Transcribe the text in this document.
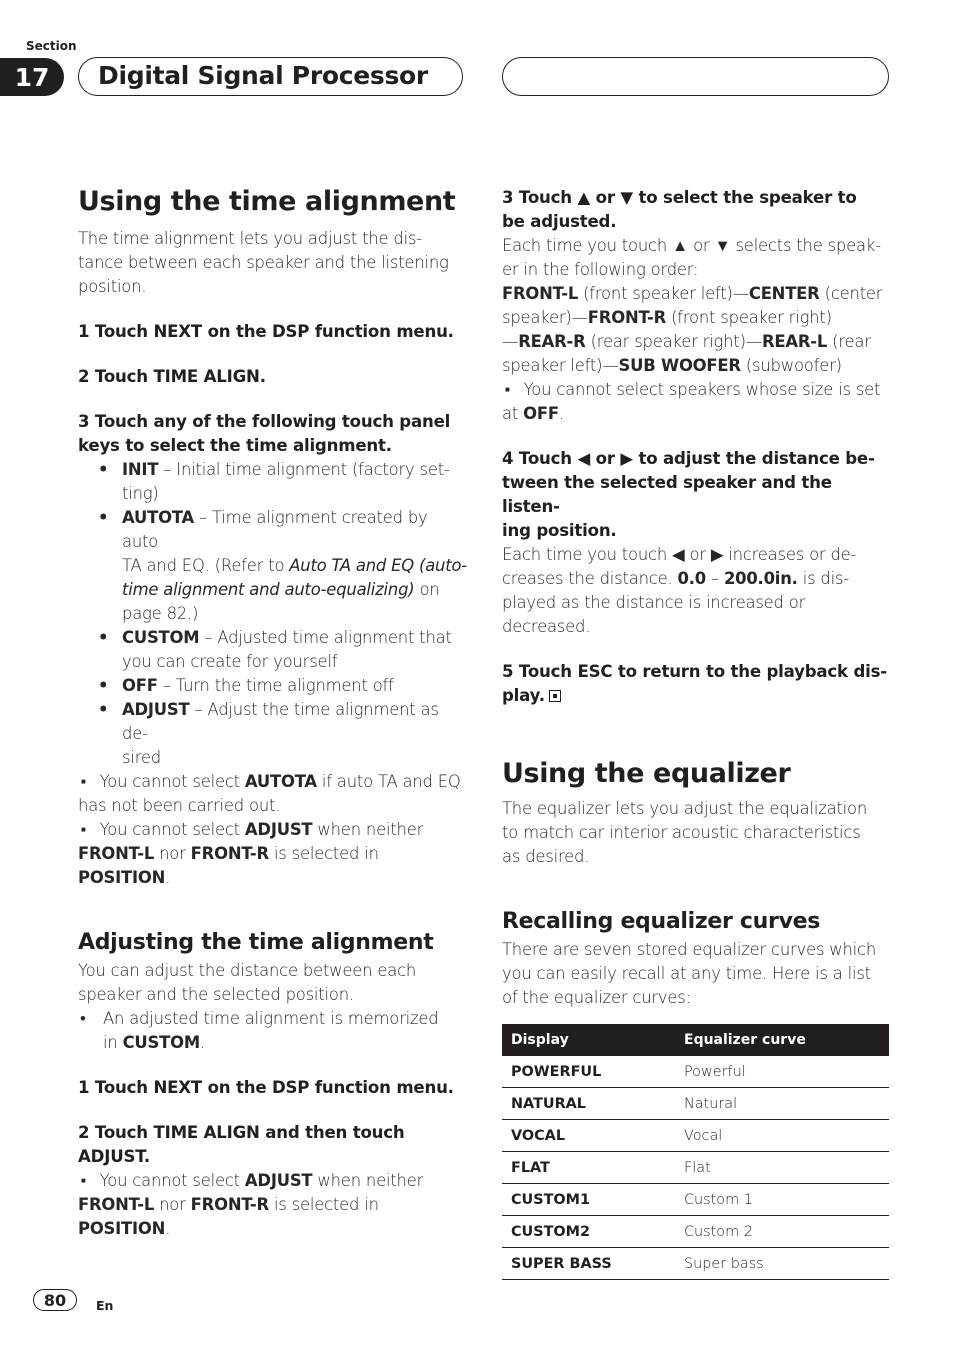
Section
17	Digital Signal Processor
Using the time alignment

The time alignment lets you adjust the dis-
tance between each speaker and the listening
position.

1 Touch NEXT on the DSP function menu.

2 Touch TIME ALIGN.

3 Touch any of the following touch panel
keys to select the time alignment.

• INIT – Initial time alignment (factory set-
ting)

• AUTOTA – Time alignment created by auto
TA and EQ. (Refer to Auto TA and EQ (auto-
time alignment and auto-equalizing) on
page 82.)

• CUSTOM – Adjusted time alignment that
you can create for yourself

• OFF – Turn the time alignment off

• ADJUST – Adjust the time alignment as de-
sired

■ You cannot select AUTOTA if auto TA and EQ
has not been carried out.

■ You cannot select ADJUST when neither
FRONT-L nor FRONT-R is selected in POSITION.

Adjusting the time alignment

You can adjust the distance between each
speaker and the selected position.

• An adjusted time alignment is memorized
in CUSTOM.

1 Touch NEXT on the DSP function menu.

2 Touch TIME ALIGN and then touch
ADJUST.

■ You cannot select ADJUST when neither
FRONT-L nor FRONT-R is selected in POSITION.

3 Touch ▲ or ▼ to select the speaker to
be adjusted.

Each time you touch ▲ or ▼ selects the speak-
er in the following order:

FRONT-L (front speaker left)—CENTER (center
speaker)—FRONT-R (front speaker right)
—REAR-R (rear speaker right)—REAR-L (rear
speaker left)—SUB WOOFER (subwoofer)

■ You cannot select speakers whose size is set
at OFF.

4 Touch ◀ or ▶ to adjust the distance be-
tween the selected speaker and the listen-
ing position.

Each time you touch ◀ or ▶ increases or de-
creases the distance. 0.0 – 200.0in. is dis-
played as the distance is increased or
decreased.

5 Touch ESC to return to the playback dis-
play.

Using the equalizer

The equalizer lets you adjust the equalization
to match car interior acoustic characteristics
as desired.

Recalling equalizer curves

There are seven stored equalizer curves which
you can easily recall at any time. Here is a list
of the equalizer curves:

Display	Equalizer curve
POWERFUL	Powerful
NATURAL	Natural
VOCAL	Vocal
FLAT	Flat
CUSTOM1	Custom 1
CUSTOM2	Custom 2
SUPER BASS	Super bass
80	En
